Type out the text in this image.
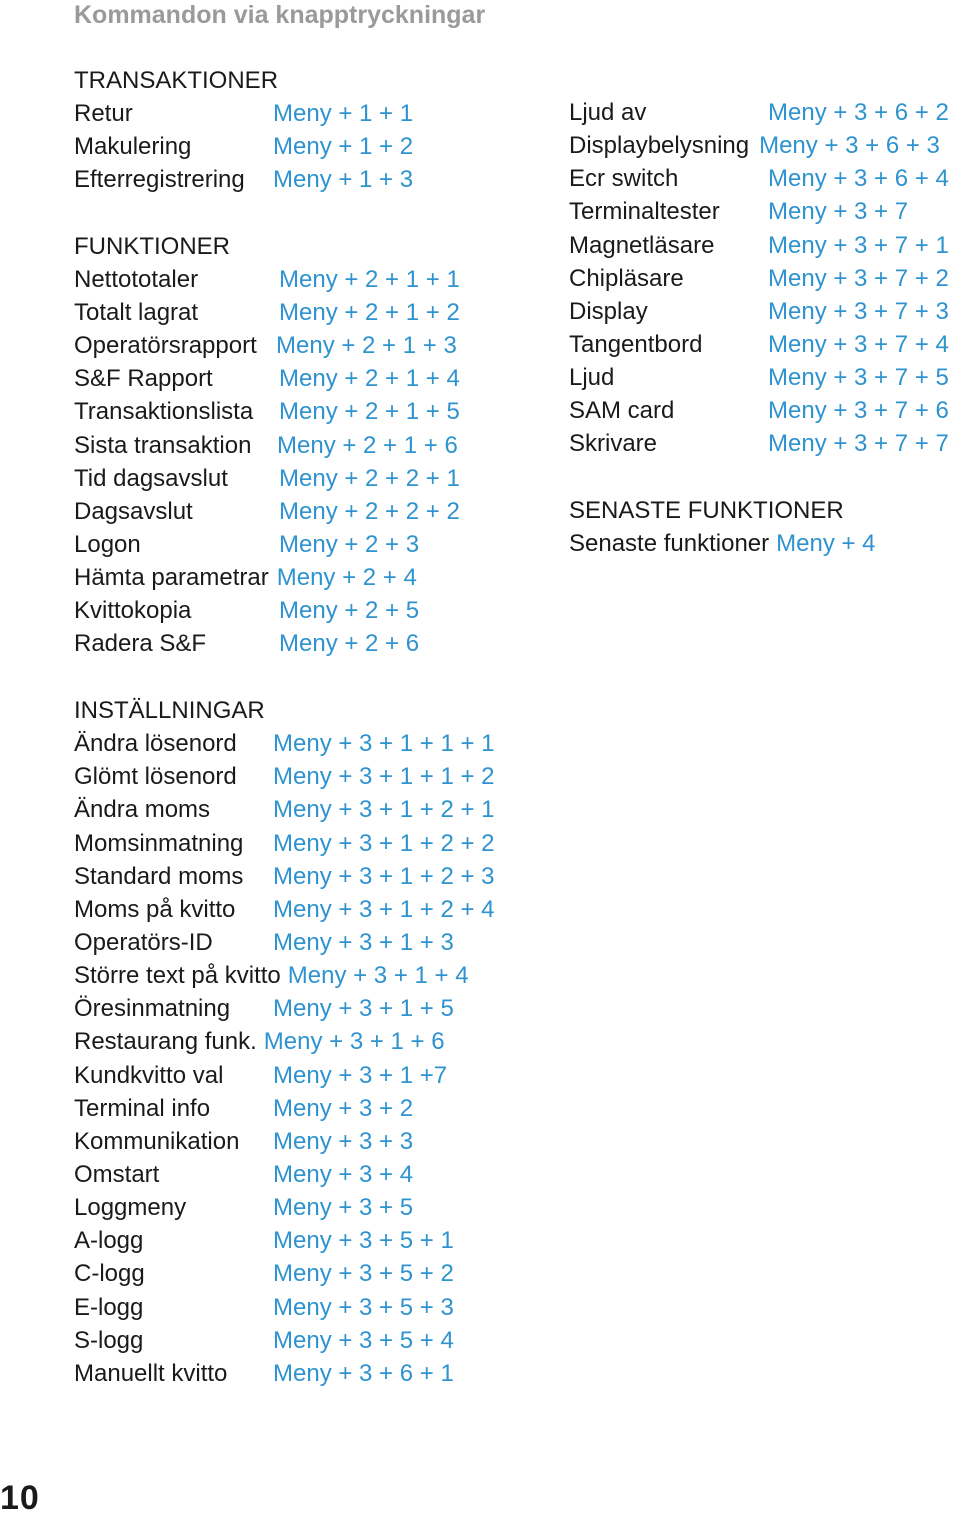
Kommandon via knapptryckningar
TRANSAKTIONER
Retur	Meny + 1 + 1
Makulering	Meny + 1 + 2
Efterregistrering	Meny + 1 + 3
FUNKTIONER
Nettototaler	Meny + 2 + 1 + 1
Totalt lagrat	Meny + 2 + 1 + 2
Operatörsrapport Meny + 2 + 1 + 3
S&F Rapport	Meny + 2 + 1 + 4
Transaktionslista	Meny + 2 + 1 + 5
Sista transaktion	Meny + 2 + 1 + 6
Tid dagsavslut	Meny + 2 + 2 + 1
Dagsavslut	Meny + 2 + 2 + 2
Logon	Meny + 2 + 3
Hämta parametrar Meny + 2 + 4
Kvittokopia	Meny + 2 + 5
Radera S&F	Meny + 2 + 6
INSTÄLLNINGAR
Ändra lösenord	Meny + 3 + 1 + 1 + 1
Glömt lösenord	Meny + 3 + 1 + 1 + 2
Ändra moms	Meny + 3 + 1 + 2 + 1
Momsinmatning	Meny + 3 + 1 + 2 + 2
Standard moms	Meny + 3 + 1 + 2 + 3
Moms på kvitto	Meny + 3 + 1 + 2 + 4
Operatörs-ID	Meny + 3 + 1 + 3
Större text på kvitto Meny + 3 + 1 + 4
Öresinmatning	Meny + 3 + 1 + 5
Restaurang funk. Meny + 3 + 1 + 6
Kundkvitto val	Meny + 3 + 1 +7
Terminal info	Meny + 3 + 2
Kommunikation	Meny + 3 + 3
Omstart	Meny + 3 + 4
Loggmeny	Meny + 3 + 5
A-logg	Meny + 3 + 5 + 1
C-logg	Meny + 3 + 5 + 2
E-logg	Meny + 3 + 5 + 3
S-logg	Meny + 3 + 5 + 4
Manuellt kvitto	Meny + 3 + 6 + 1
Ljud av	Meny + 3 + 6 + 2
Displaybelysning Meny + 3 + 6 + 3
Ecr switch	Meny + 3 + 6 + 4
Terminaltester	Meny + 3 + 7
Magnetläsare	Meny + 3 + 7 + 1
Chipläsare	Meny + 3 + 7 + 2
Display	Meny + 3 + 7 + 3
Tangentbord	Meny + 3 + 7 + 4
Ljud	Meny + 3 + 7 + 5
SAM card	Meny + 3 + 7 + 6
Skrivare	Meny + 3 + 7 + 7
SENASTE FUNKTIONER
Senaste funktioner Meny + 4
10
